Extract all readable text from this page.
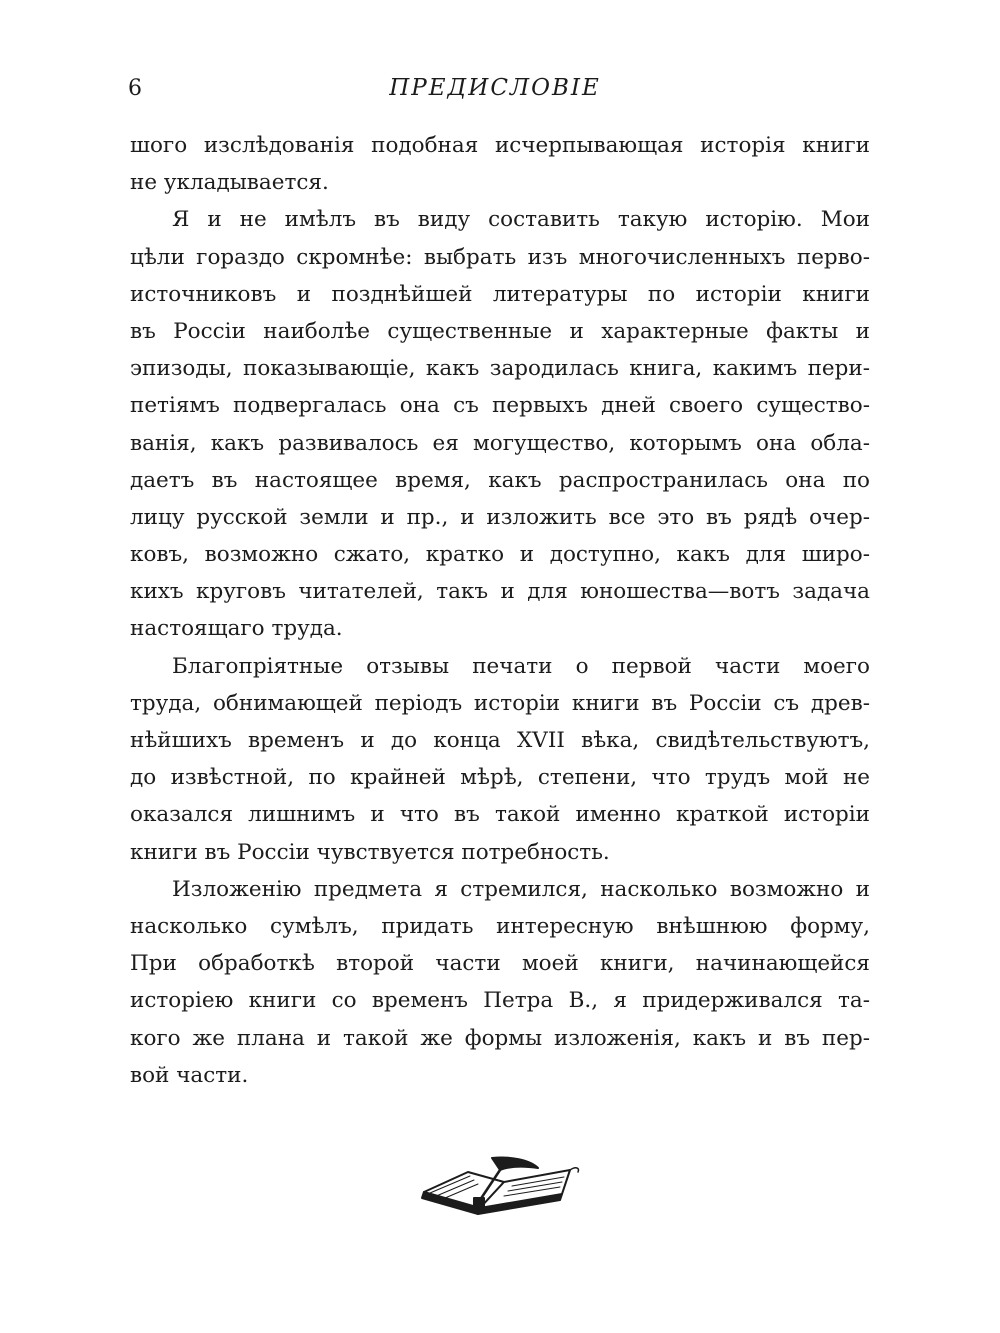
6	ПРЕДИСЛОВІЕ
шого изслѣдованія подобная исчерпывающая исторія книги
не укладывается.
Я и не имѣлъ въ виду составить такую исторію. Мои
цѣли гораздо скромнѣе: выбрать изъ многочисленныхъ перво-
источниковъ и позднѣйшей литературы по исторіи книги
въ Россіи наиболѣе существенные и характерные факты и
эпизоды, показывающіе, какъ зародилась книга, какимъ пери-
петіямъ подвергалась она съ первыхъ дней своего существо-
ванія, какъ развивалось ея могущество, которымъ она обла-
даетъ въ настоящее время, какъ распространилась она по
лицу русской земли и пр., и изложить все это въ рядѣ очер-
ковъ, возможно сжато, кратко и доступно, какъ для широ-
кихъ круговъ читателей, такъ и для юношества—вотъ задача
настоящаго труда.
Благопріятные отзывы печати о первой части моего
труда, обнимающей періодъ исторіи книги въ Россіи съ древ-
нѣйшихъ временъ и до конца XVII вѣка, свидѣтельствуютъ,
до извѣстной, по крайней мѣрѣ, степени, что трудъ мой не
оказался лишнимъ и что въ такой именно краткой исторіи
книги въ Россіи чувствуется потребность.
Изложенію предмета я стремился, насколько возможно и
насколько сумѣлъ, придать интересную внѣшнюю форму,
При обработкѣ второй части моей книги, начинающейся
исторіею книги со временъ Петра В., я придерживался та-
кого же плана и такой же формы изложенія, какъ и въ пер-
вой части.
